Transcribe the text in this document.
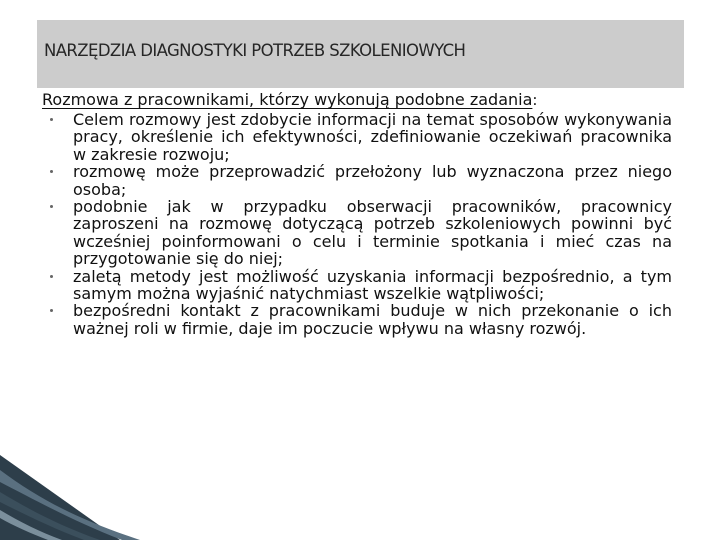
NARZĘDZIA DIAGNOSTYKI POTRZEB SZKOLENIOWYCH
Rozmowa z pracownikami, którzy wykonują podobne zadania:
Celem rozmowy jest zdobycie informacji na temat sposobów wykonywania pracy, określenie ich efektywności, zdefiniowanie oczekiwań pracownika w zakresie rozwoju;
rozmowę może przeprowadzić przełożony lub wyznaczona przez niego osoba;
podobnie jak w przypadku obserwacji pracowników, pracownicy zaproszeni na rozmowę dotyczącą potrzeb szkoleniowych powinni być wcześniej poinformowani o celu i terminie spotkania i mieć czas na przygotowanie się do niej;
zaletą metody jest możliwość uzyskania informacji bezpośrednio, a tym samym można wyjaśnić natychmiast wszelkie wątpliwości;
bezpośredni kontakt z pracownikami buduje w nich przekonanie o ich ważnej roli w firmie, daje im poczucie wpływu na własny rozwój.
